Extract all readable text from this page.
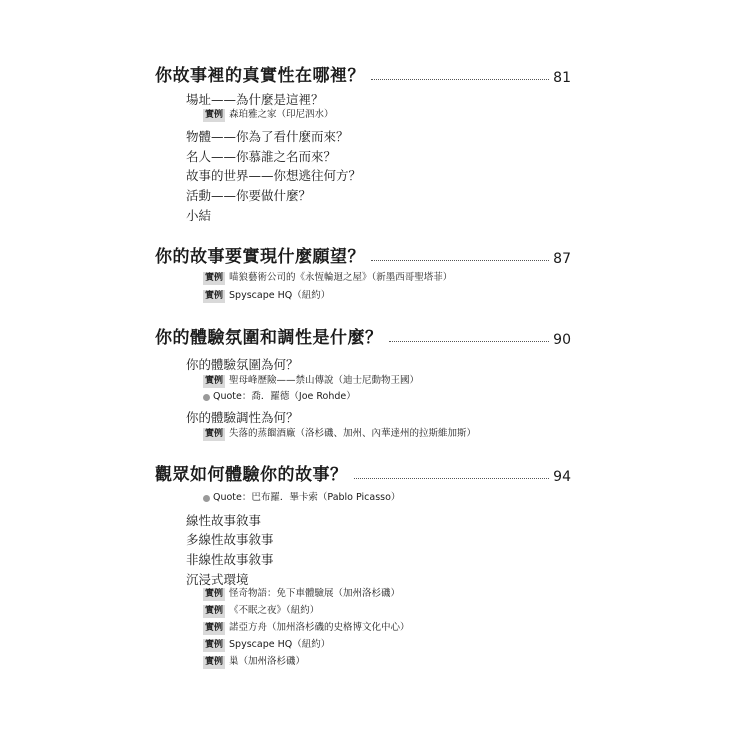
你故事裡的真實性在哪裡？	81
場址——為什麼是這裡？
實例 森珀雅之家（印尼泗水）
物體——你為了看什麼而來？
名人——你慕誰之名而來？
故事的世界——你想逃往何方？
活動——你要做什麼？
小結
你的故事要實現什麼願望？	87
實例 喵狼藝術公司的《永恆輪迴之屋》（新墨西哥聖塔菲）
實例 Spyscape HQ（紐約）
你的體驗氛圍和調性是什麼？	90
你的體驗氛圍為何？
實例 聖母峰歷險——禁山傳說（迪士尼動物王國）
Quote ：喬．羅德（Joe Rohde）
你的體驗調性為何？
實例 失落的蒸餾酒廠（洛杉磯、加州、內華達州的拉斯維加斯）
觀眾如何體驗你的故事？	94
Quote ：巴布羅．畢卡索（Pablo Picasso）
線性故事敘事
多線性故事敘事
非線性故事敘事
沉浸式環境
實例 怪奇物語：免下車體驗展（加州洛杉磯）
實例 《不眠之夜》（紐約）
實例 諾亞方舟（加州洛杉磯的史格博文化中心）
實例 Spyscape HQ（紐約）
實例 巢（加州洛杉磯）
